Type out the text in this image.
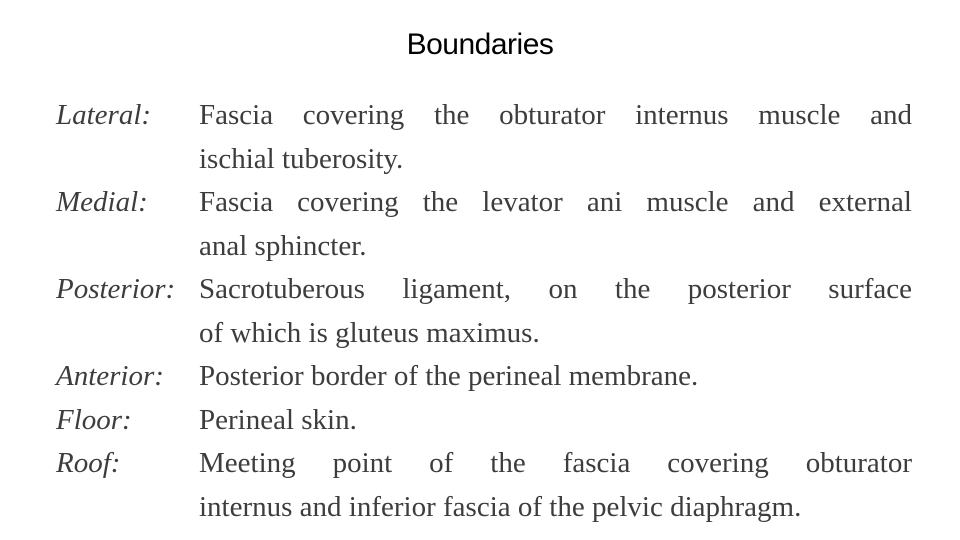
Boundaries
Lateral:	Fascia covering the obturator internus muscle and
ischial tuberosity.
Medial:	Fascia covering the levator ani muscle and external
anal sphincter.
Posterior: Sacrotuberous ligament, on the posterior surface
of which is gluteus maximus.
Anterior:	Posterior border of the perineal membrane.
Floor:	Perineal skin.
Roof:	Meeting point of the fascia covering obturator
internus and inferior fascia of the pelvic diaphragm.
